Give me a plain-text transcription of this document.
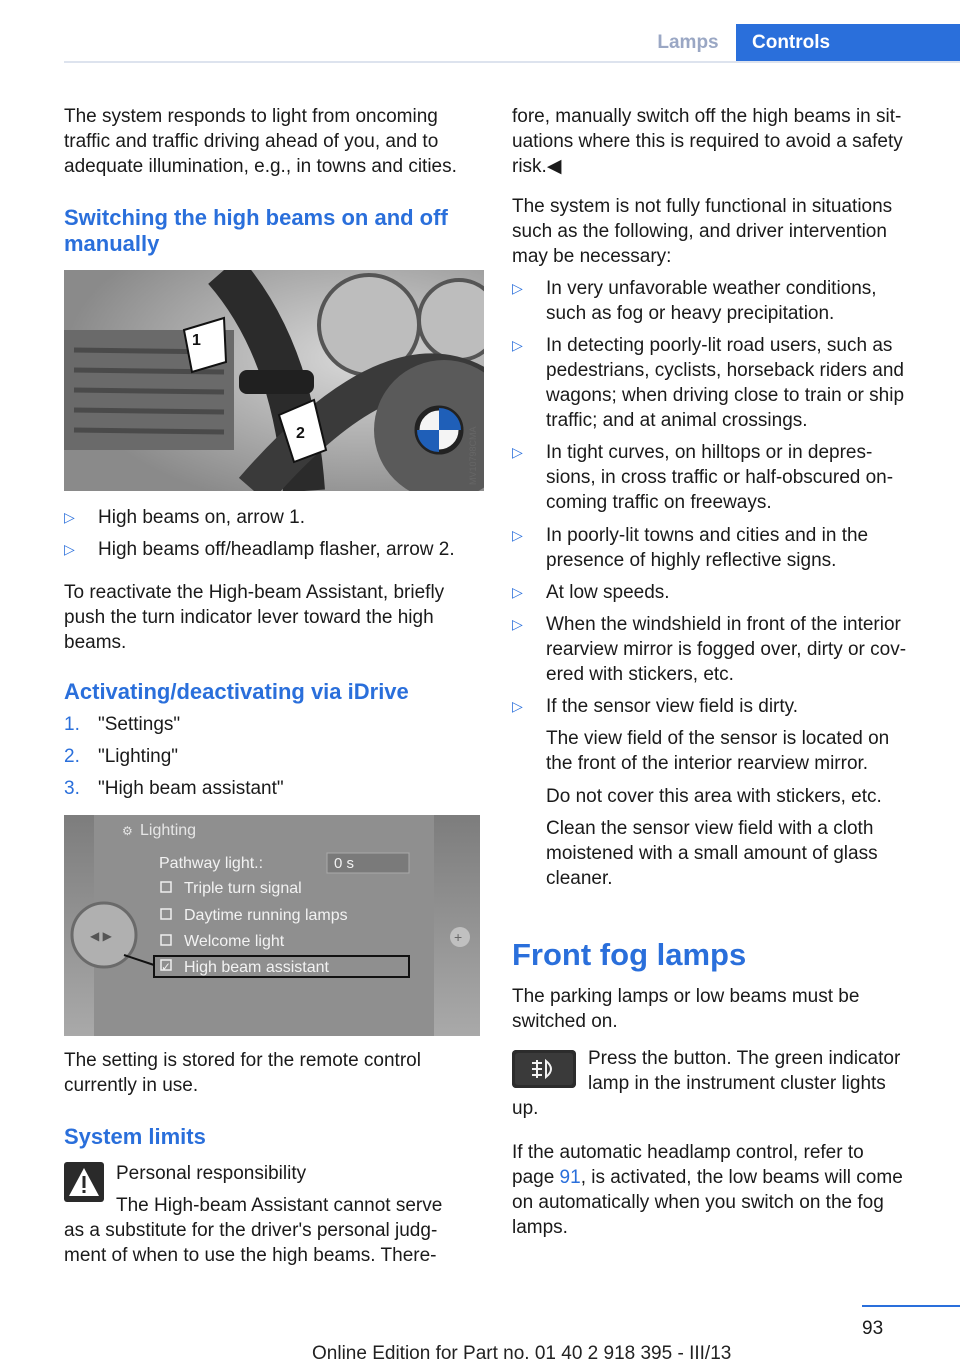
Lamps	Controls

The system responds to light from oncoming

traffic and traffic driving ahead of you, and to

adequate illumination, e.g., in towns and cities.

Switching the high beams on and off

manually

1
2	MV10798CMA
▷ High beams on, arrow 1.
▷ High beams off/headlamp flasher, arrow 2.

To reactivate the High-beam Assistant, briefly

push the turn indicator lever toward the high

beams.

Activating/deactivating via iDrive

1. "Settings"
2. "Lighting"
3. "High beam assistant"
⚙ Lighting
Pathway light.:	0 s
Triple turn signal
Daytime running lamps
Welcome light
✓ High beam assistant
◀ ▶	+

The setting is stored for the remote control

currently in use.

System limits

Personal responsibility

The High-beam Assistant cannot serve

as a substitute for the driver's personal judg‐

ment of when to use the high beams. There‐

fore, manually switch off the high beams in sit‐

uations where this is required to avoid a safety

risk.◀

The system is not fully functional in situations

such as the following, and driver intervention

may be necessary:

▷ In very unfavorable weather conditions,
such as fog or heavy precipitation.
▷ In detecting poorly-lit road users, such as
pedestrians, cyclists, horseback riders and
wagons; when driving close to train or ship
traffic; and at animal crossings.
▷ In tight curves, on hilltops or in depres‐
sions, in cross traffic or half-obscured on‐
coming traffic on freeways.
▷ In poorly-lit towns and cities and in the
presence of highly reflective signs.
▷ At low speeds.
▷ When the windshield in front of the interior
rearview mirror is fogged over, dirty or cov‐
ered with stickers, etc.
▷ If the sensor view field is dirty.

The view field of the sensor is located on

the front of the interior rearview mirror.

Do not cover this area with stickers, etc.

Clean the sensor view field with a cloth

moistened with a small amount of glass

cleaner.

Front fog lamps

The parking lamps or low beams must be

switched on.

Press the button. The green indicator

lamp in the instrument cluster lights

up.

If the automatic headlamp control, refer to

page 91, is activated, the low beams will come

on automatically when you switch on the fog

lamps.

93
Online Edition for Part no. 01 40 2 918 395 - III/13
